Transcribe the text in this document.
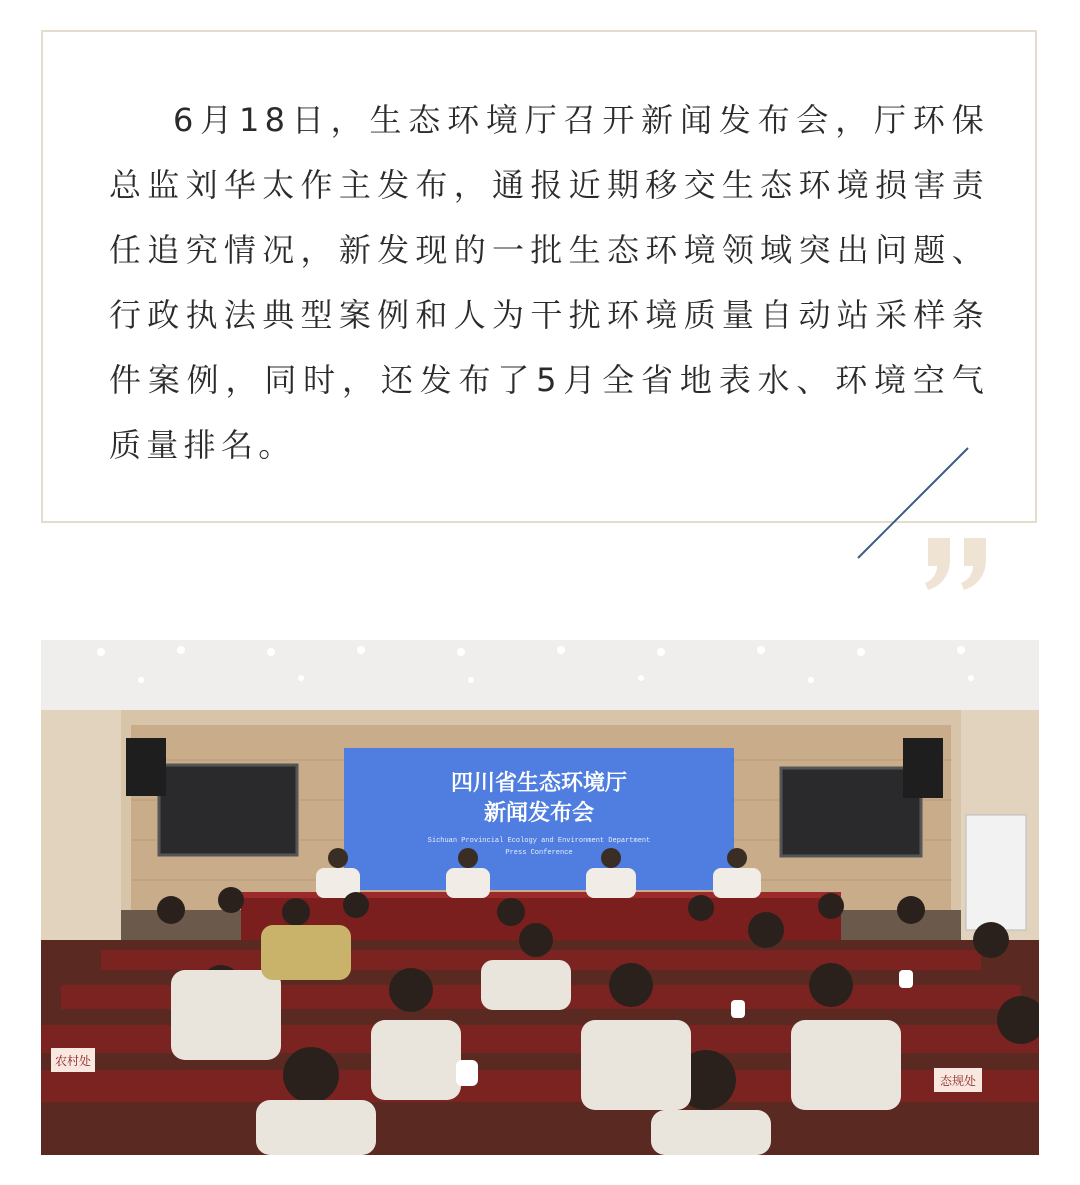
6月18日，生态环境厅召开新闻发布会，厅环保总监刘华太作主发布，通报近期移交生态环境损害责任追究情况，新发现的一批生态环境领域突出问题、行政执法典型案例和人为干扰环境质量自动站采样条件案例，同时，还发布了5月全省地表水、环境空气质量排名。

四川省生态环境厅
新闻发布会
Sichuan Provincial Ecology and Environment Department
Press Conference
农村处
态规处
